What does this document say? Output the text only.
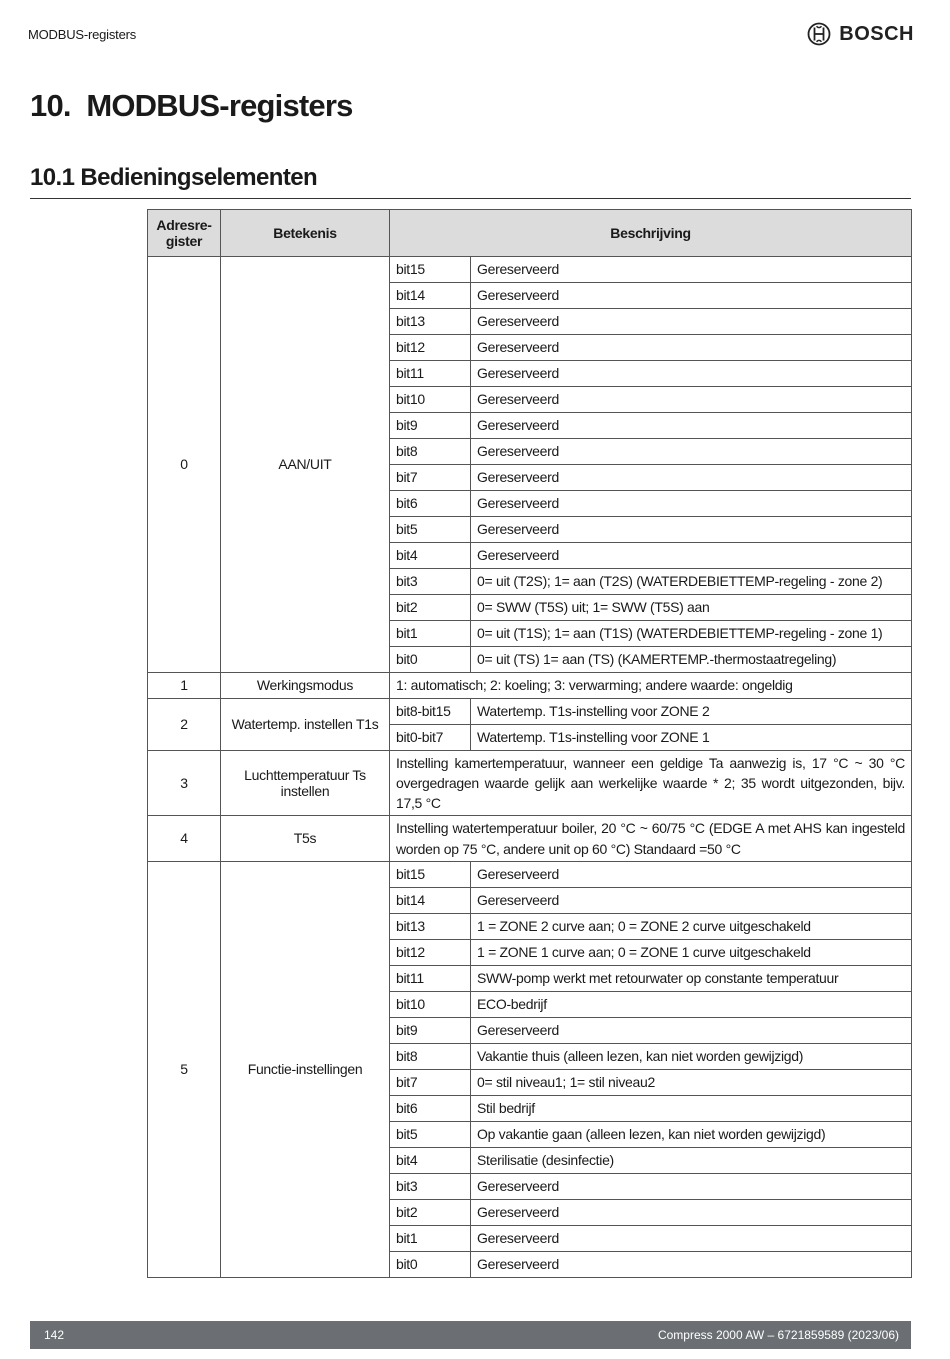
MODBUS-registers	BOSCH
10.  MODBUS-registers
10.1 Bedieningselementen
Adresre-
gister	Betekenis	Beschrijving	
0	AAN/UIT	bit15	Gereserveerd
		bit14	Gereserveerd
		bit13	Gereserveerd
		bit12	Gereserveerd
		bit11	Gereserveerd
		bit10	Gereserveerd
		bit9	Gereserveerd
		bit8	Gereserveerd
		bit7	Gereserveerd
		bit6	Gereserveerd
		bit5	Gereserveerd
		bit4	Gereserveerd
		bit3	0= uit (T2S); 1= aan (T2S) (WATERDEBIETTEMP-regeling - zone 2)
		bit2	0= SWW (T5S) uit; 1= SWW (T5S) aan
		bit1	0= uit (T1S); 1= aan (T1S) (WATERDEBIETTEMP-regeling - zone 1)
		bit0	0= uit (TS) 1= aan (TS) (KAMERTEMP.-thermostaatregeling)
1	Werkingsmodus	1: automatisch; 2: koeling; 3: verwarming; andere waarde: ongeldig	
2	Watertemp. instellen T1s	bit8-bit15	Watertemp. T1s-instelling voor ZONE 2
		bit0-bit7	Watertemp. T1s-instelling voor ZONE 1
3	Luchttemperatuur Ts
instellen	Instelling kamertemperatuur, wanneer een geldige Ta aanwezig is, 17 °C ~ 30 °C overgedragen waarde gelijk aan werkelijke waarde * 2; 35 wordt uitgezonden, bijv. 17,5 °C	
4	T5s	Instelling watertemperatuur boiler, 20 °C ~ 60/75 °C (EDGE A met AHS kan ingesteld worden op 75 °C, andere unit op 60 °C) Standaard =50 °C	
5	Functie-instellingen	bit15	Gereserveerd
		bit14	Gereserveerd
		bit13	1 = ZONE 2 curve aan; 0 = ZONE 2 curve uitgeschakeld
		bit12	1 = ZONE 1 curve aan; 0 = ZONE 1 curve uitgeschakeld
		bit11	SWW-pomp werkt met retourwater op constante temperatuur
		bit10	ECO-bedrijf
		bit9	Gereserveerd
		bit8	Vakantie thuis (alleen lezen, kan niet worden gewijzigd)
		bit7	0= stil niveau1; 1= stil niveau2
		bit6	Stil bedrijf
		bit5	Op vakantie gaan (alleen lezen, kan niet worden gewijzigd)
		bit4	Sterilisatie (desinfectie)
		bit3	Gereserveerd
		bit2	Gereserveerd
		bit1	Gereserveerd
		bit0	Gereserveerd
142	Compress 2000 AW – 6721859589 (2023/06)
